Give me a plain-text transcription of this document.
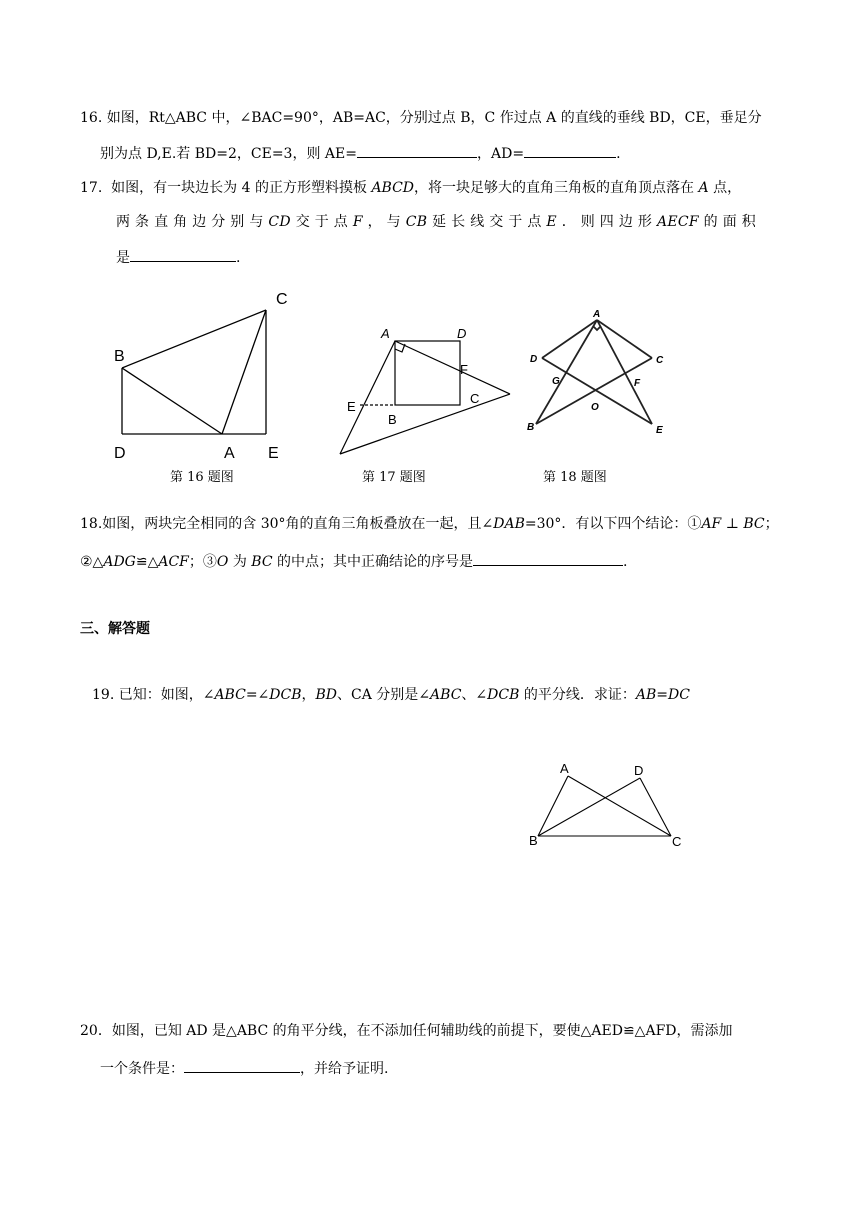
16. 如图，Rt△ABC 中，∠BAC=90°，AB=AC，分别过点 B，C 作过点 A 的直线的垂线 BD，CE，垂足分
别为点 D,E.若 BD=2，CE=3，则 AE=	，AD=	.
17. 如图，有一块边长为 4 的正方形塑料摸板 ABCD，将一块足够大的直角三角板的直角顶点落在 A 点，
两 条 直 角 边 分 别 与 CD 交 于 点 F ， 与 CB 延 长 线 交 于 点 E ． 则 四 边 形 AECF 的 面 积
是	.
B
C
D	A E
第 16 题图
A	D
F
E
B
C
第 17 题图
A
D	C
G	F
O
B	E
第 18 题图
18.如图，两块完全相同的含 30°角的直角三角板叠放在一起，且∠DAB=30°．有以下四个结论：①AF ⊥ BC；
②△ADG≌△ACF；③O 为 BC 的中点；其中正确结论的序号是	.
三、解答题
19. 已知：如图，∠ABC=∠DCB，BD、CA 分别是∠ABC、∠DCB 的平分线．求证：AB=DC
A	D
B	C
20．如图，已知 AD 是△ABC 的角平分线，在不添加任何辅助线的前提下，要使△AED≌△AFD，需添加
一个条件是：	，并给予证明.
